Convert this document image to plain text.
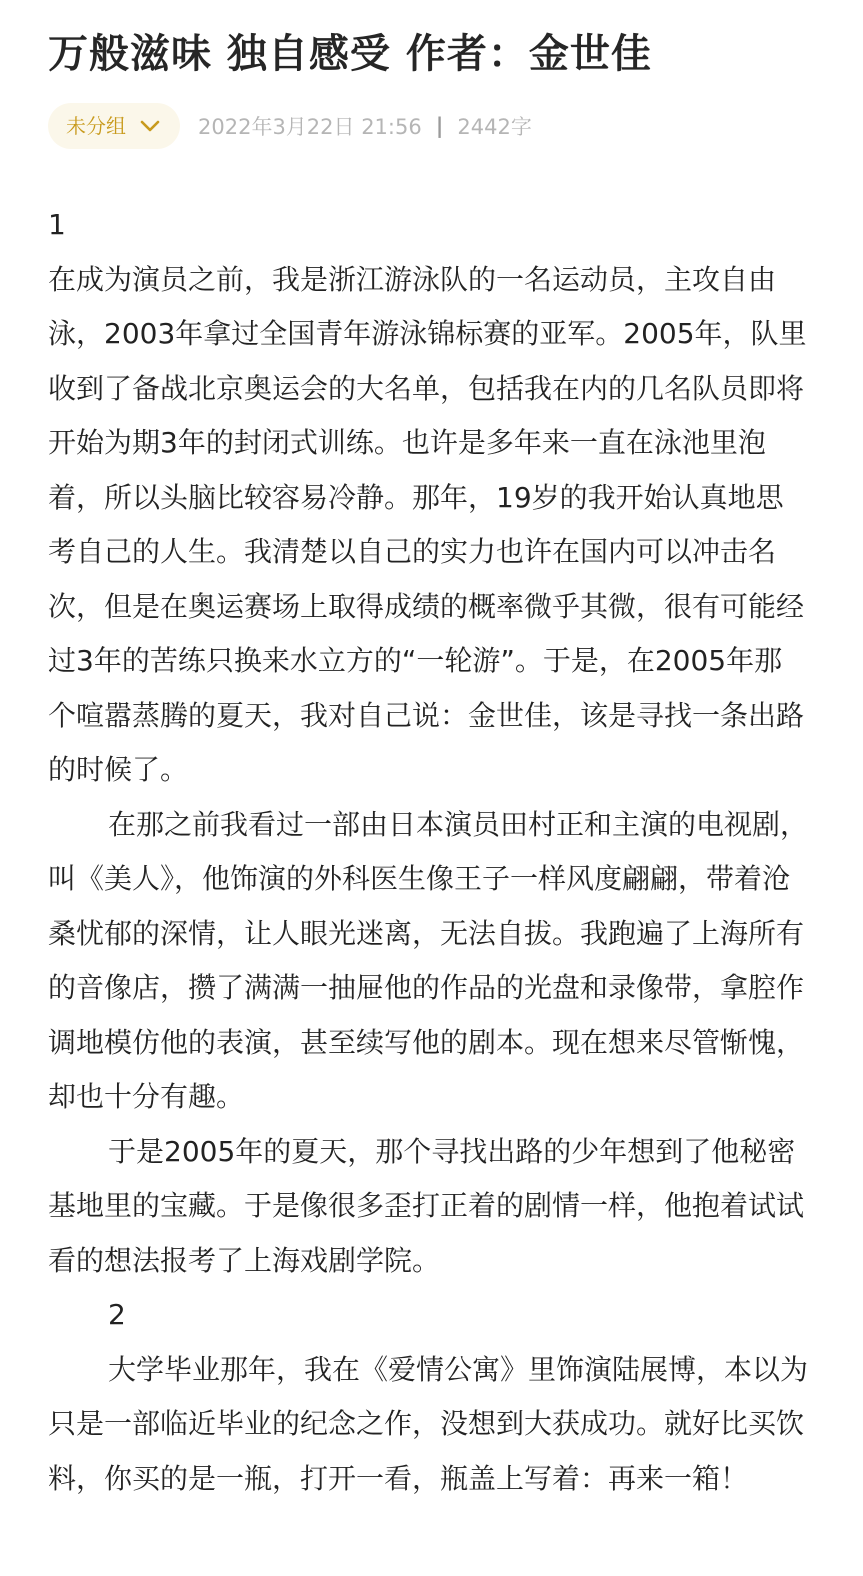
万般滋味 独自感受 作者：金世佳
未分组	2022年3月22日 21:56 | 2442字

1

在成为演员之前，我是浙江游泳队的一名运动员，主攻自由泳，2003年拿过全国青年游泳锦标赛的亚军。2005年，队里收到了备战北京奥运会的大名单，包括我在内的几名队员即将开始为期3年的封闭式训练。也许是多年来一直在泳池里泡着，所以头脑比较容易冷静。那年，19岁的我开始认真地思考自己的人生。我清楚以自己的实力也许在国内可以冲击名次，但是在奥运赛场上取得成绩的概率微乎其微，很有可能经过3年的苦练只换来水立方的“一轮游”。于是，在2005年那个喧嚣蒸腾的夏天，我对自己说：金世佳，该是寻找一条出路的时候了。

在那之前我看过一部由日本演员田村正和主演的电视剧，叫《美人》，他饰演的外科医生像王子一样风度翩翩，带着沧桑忧郁的深情，让人眼光迷离，无法自拔。我跑遍了上海所有的音像店，攒了满满一抽屉他的作品的光盘和录像带，拿腔作调地模仿他的表演，甚至续写他的剧本。现在想来尽管惭愧，却也十分有趣。

于是2005年的夏天，那个寻找出路的少年想到了他秘密基地里的宝藏。于是像很多歪打正着的剧情一样，他抱着试试看的想法报考了上海戏剧学院。

2

大学毕业那年，我在《爱情公寓》里饰演陆展博，本以为只是一部临近毕业的纪念之作，没想到大获成功。就好比买饮料，你买的是一瓶，打开一看，瓶盖上写着：再来一箱！
